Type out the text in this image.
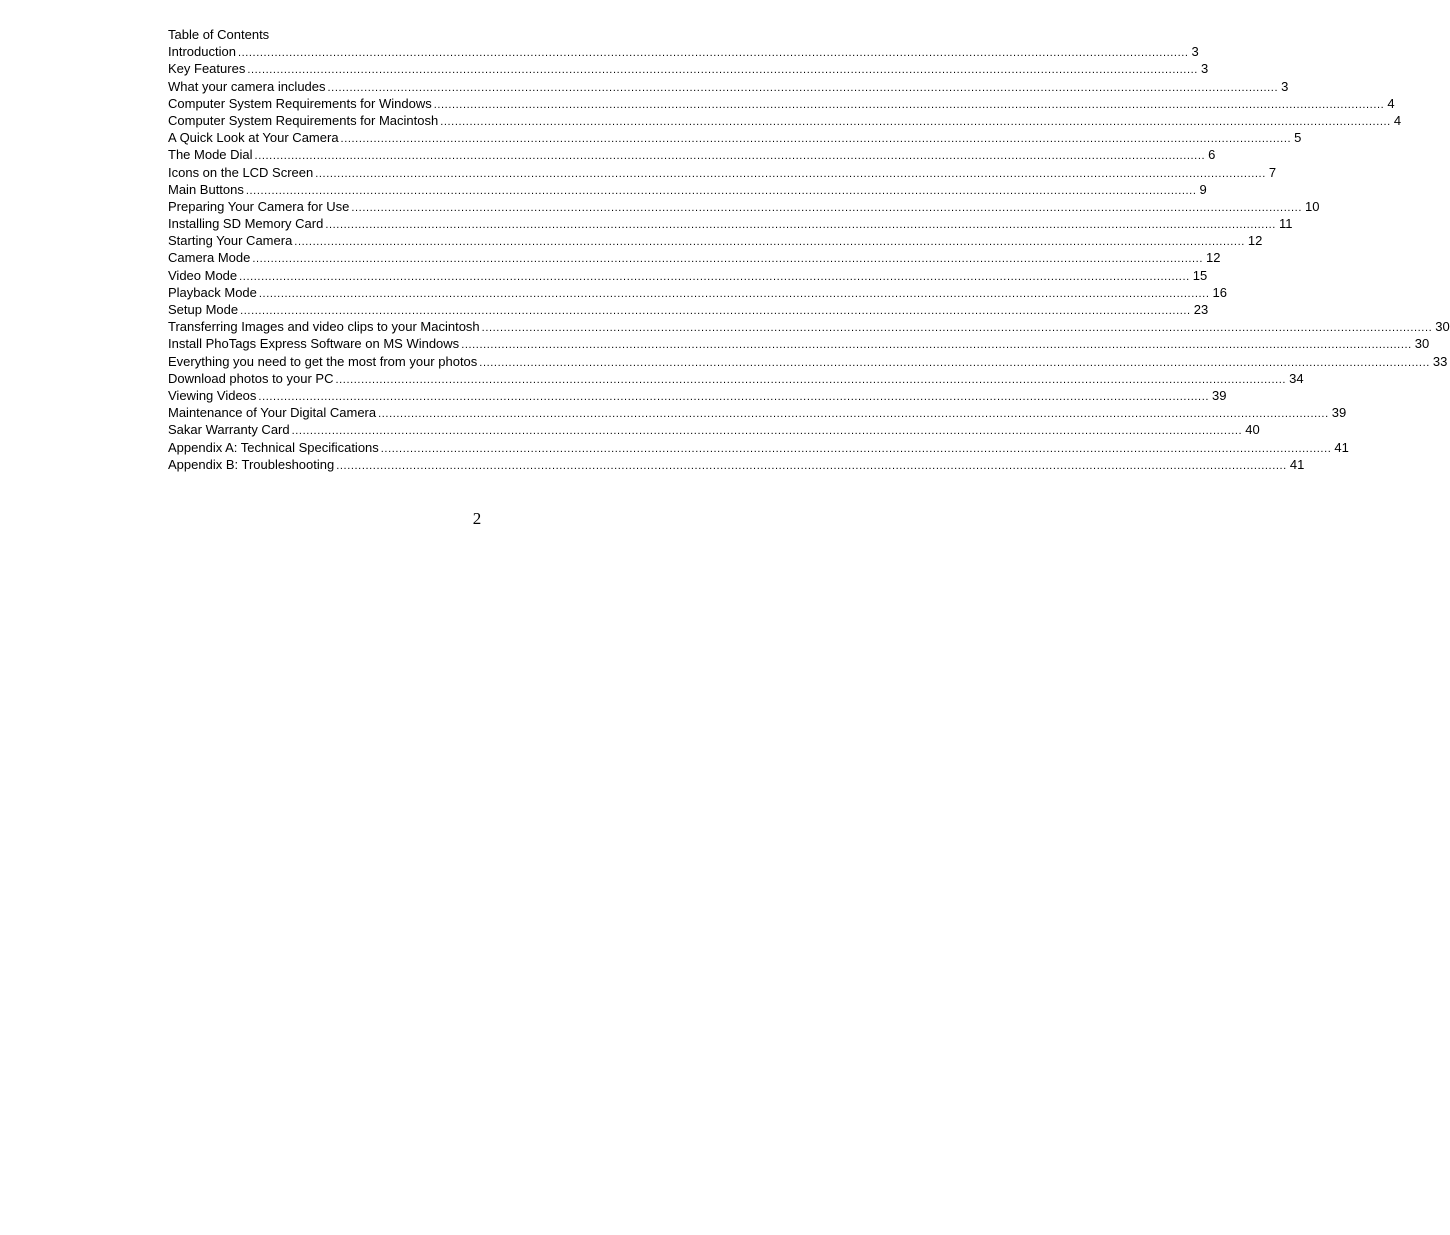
Table of Contents
Introduction .................................................................................................................................................................................................................................................................... 3
Key Features .................................................................................................................................................................................................................................................................... 3
What your camera includes .................................................................................................................................................................................................................................................................... 3
Computer System Requirements for Windows .................................................................................................................................................................................................................................................................... 4
Computer System Requirements for Macintosh .................................................................................................................................................................................................................................................................... 4
A Quick Look at Your Camera .................................................................................................................................................................................................................................................................... 5
The Mode Dial .................................................................................................................................................................................................................................................................... 6
Icons on the LCD Screen .................................................................................................................................................................................................................................................................... 7
Main Buttons .................................................................................................................................................................................................................................................................... 9
Preparing Your Camera for Use .................................................................................................................................................................................................................................................................... 10
Installing SD Memory Card .................................................................................................................................................................................................................................................................... 11
Starting Your Camera .................................................................................................................................................................................................................................................................... 12
Camera Mode .................................................................................................................................................................................................................................................................... 12
Video Mode .................................................................................................................................................................................................................................................................... 15
Playback Mode .................................................................................................................................................................................................................................................................... 16
Setup Mode .................................................................................................................................................................................................................................................................... 23
Transferring Images and video clips to your Macintosh .................................................................................................................................................................................................................................................................... 30
Install PhoTags Express Software on MS Windows .................................................................................................................................................................................................................................................................... 30
Everything you need to get the most from your photos .................................................................................................................................................................................................................................................................... 33
Download photos to your PC .................................................................................................................................................................................................................................................................... 34
Viewing Videos .................................................................................................................................................................................................................................................................... 39
Maintenance of Your Digital Camera .................................................................................................................................................................................................................................................................... 39
Sakar Warranty Card .................................................................................................................................................................................................................................................................... 40
Appendix A: Technical Specifications .................................................................................................................................................................................................................................................................... 41
Appendix B: Troubleshooting .................................................................................................................................................................................................................................................................... 41
2
